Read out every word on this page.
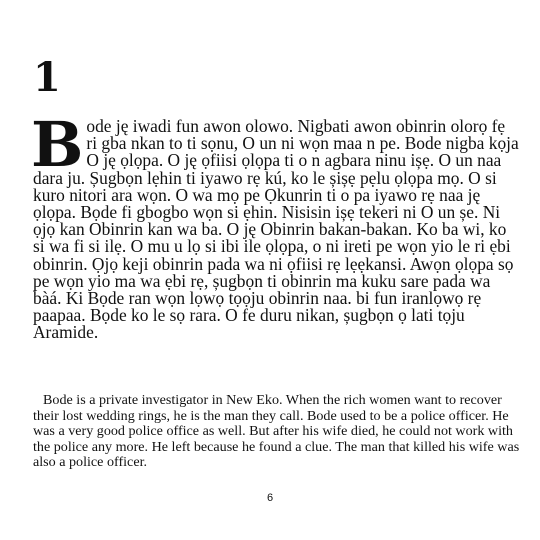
1

Bode ję iwadi fun awon olowo. Nigbati awon obinrin olorọ fẹ ri gba nkan to ti sọnu, O un ni wọn maa n pe. Bode nigba kọja O ję ọlọpa. O ję ọfiisi ọlọpa ti o n agbara ninu ișẹ. O un naa dara ju. Șugbọn lẹhin ti iyawo rẹ kú, ko le șișẹ pẹlu ọlọpa mọ. O si kuro nitori ara wọn. O wa mọ pe Ọkunrin ti o pa iyawo rẹ naa ję ọlọpa. Bọde fi gbogbo wọn si ẹhin. Nisisin ișẹ tekeri ni O un șe. Ni ọjọ kan Obinrin kan wa ba. O ję Obinrin bakan-bakan. Ko ba wi, ko si wa fi si ilẹ. O mu u lọ si ibi ile ọlọpa, o ni ireti pe wọn yio le ri ẹbi obinrin. Ọjọ keji obinrin pada wa ni ọfiisi rẹ lẹẹkansi. Awọn ọlọpa sọ pe wọn yio ma wa ẹbi rẹ, șugbọn ti obinrin ma kuku sare pada wa bàá. Ki Bọde ran wọn lọwọ tọọju obinrin naa. bi fun iranlọwọ rẹ paapaa. Bọde ko le sọ rara. O fe duru nikan, șugbọn ọ lati tọju Aramide.

Bode is a private investigator in New Eko. When the rich women want to recover their lost wedding rings, he is the man they call. Bode used to be a police officer. He was a very good police office as well. But after his wife died, he could not work with the police any more. He left because he found a clue. The man that killed his wife was also a police officer.

6
